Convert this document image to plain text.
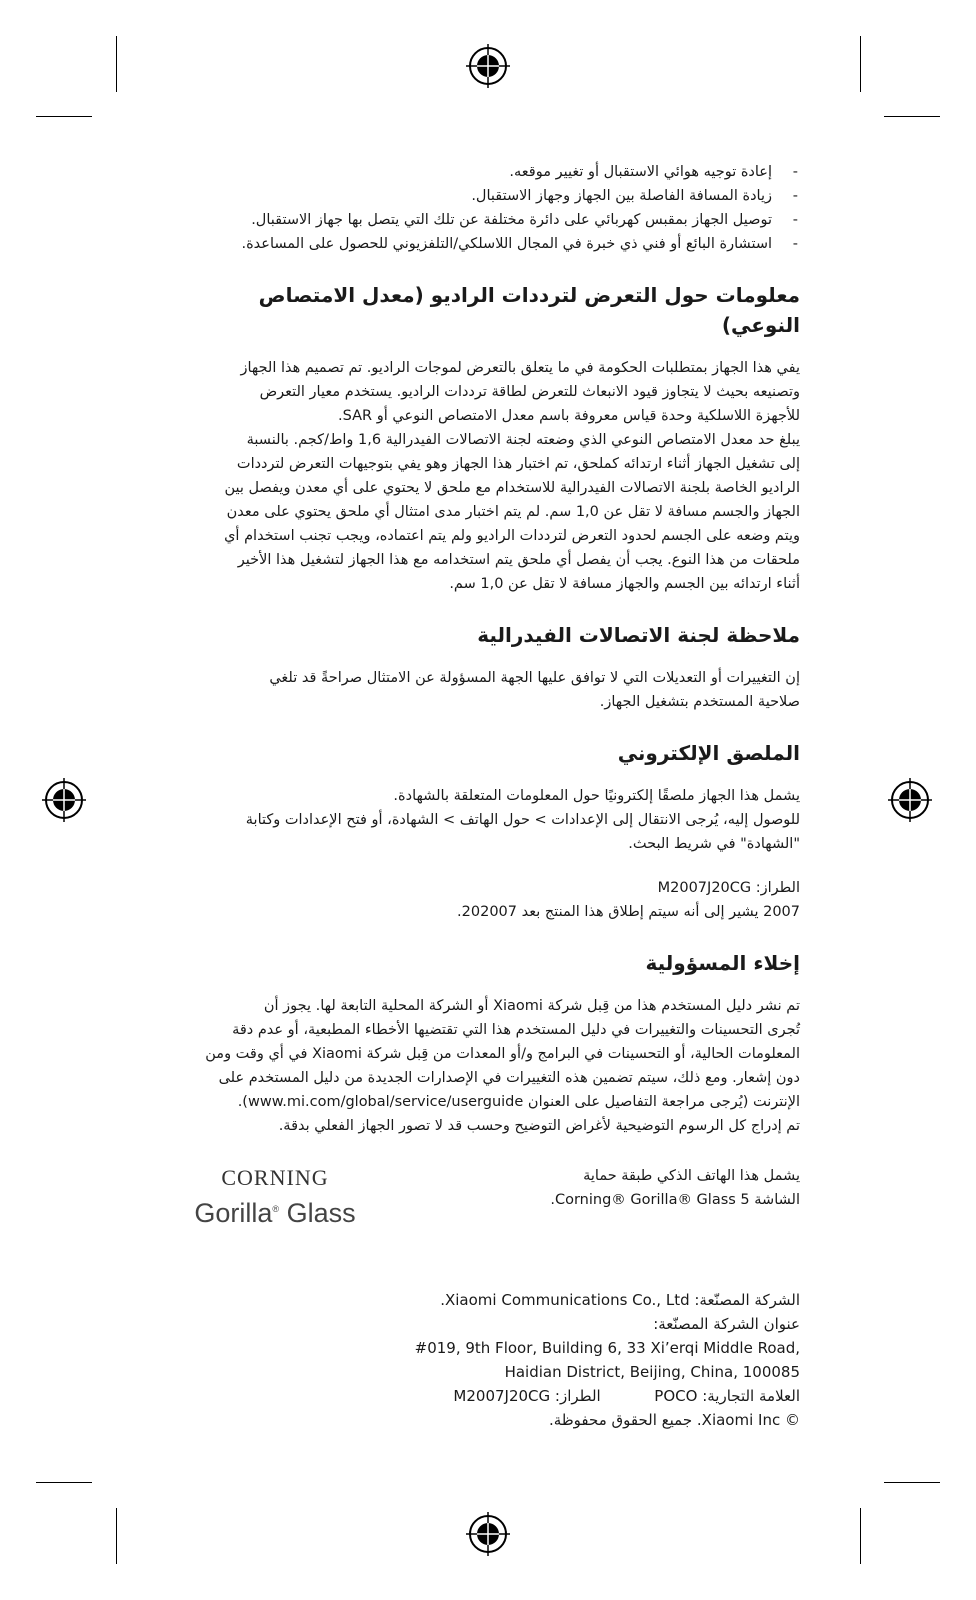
- إعادة توجيه هوائي الاستقبال أو تغيير موقعه.
- زيادة المسافة الفاصلة بين الجهاز وجهاز الاستقبال.
- توصيل الجهاز بمقبس كهربائي على دائرة مختلفة عن تلك التي يتصل بها جهاز الاستقبال.
- استشارة البائع أو فني ذي خبرة في المجال اللاسلكي/التلفزيوني للحصول على المساعدة.
معلومات حول التعرض لترددات الراديو (معدل الامتصاص النوعي)

يفي هذا الجهاز بمتطلبات الحكومة في ما يتعلق بالتعرض لموجات الراديو. تم تصميم هذا الجهاز

وتصنيعه بحيث لا يتجاوز قيود الانبعاث للتعرض لطاقة ترددات الراديو. يستخدم معيار التعرض

للأجهزة اللاسلكية وحدة قياس معروفة باسم معدل الامتصاص النوعي أو SAR.

يبلغ حد معدل الامتصاص النوعي الذي وضعته لجنة الاتصالات الفيدرالية 1,6 واط/كجم. بالنسبة

إلى تشغيل الجهاز أثناء ارتدائه كملحق، تم اختبار هذا الجهاز وهو يفي بتوجيهات التعرض لترددات

الراديو الخاصة بلجنة الاتصالات الفيدرالية للاستخدام مع ملحق لا يحتوي على أي معدن ويفصل بين

الجهاز والجسم مسافة لا تقل عن 1,0 سم. لم يتم اختبار مدى امتثال أي ملحق يحتوي على معدن

ويتم وضعه على الجسم لحدود التعرض لترددات الراديو ولم يتم اعتماده، ويجب تجنب استخدام أي

ملحقات من هذا النوع. يجب أن يفصل أي ملحق يتم استخدامه مع هذا الجهاز لتشغيل هذا الأخير

أثناء ارتدائه بين الجسم والجهاز مسافة لا تقل عن 1,0 سم.

ملاحظة لجنة الاتصالات الفيدرالية

إن التغييرات أو التعديلات التي لا توافق عليها الجهة المسؤولة عن الامتثال صراحةً قد تلغي

صلاحية المستخدم بتشغيل الجهاز.

الملصق الإلكتروني

يشمل هذا الجهاز ملصقًا إلكترونيًا حول المعلومات المتعلقة بالشهادة.

للوصول إليه، يُرجى الانتقال إلى الإعدادات > حول الهاتف > الشهادة، أو فتح الإعدادات وكتابة

"الشهادة" في شريط البحث.

الطراز: M2007J20CG

2007 يشير إلى أنه سيتم إطلاق هذا المنتج بعد 202007.

إخلاء المسؤولية

تم نشر دليل المستخدم هذا من قِبل شركة Xiaomi أو الشركة المحلية التابعة لها. يجوز أن

تُجرى التحسينات والتغييرات في دليل المستخدم هذا التي تقتضيها الأخطاء المطبعية، أو عدم دقة

المعلومات الحالية، أو التحسينات في البرامج و/أو المعدات من قِبل شركة Xiaomi في أي وقت ومن

دون إشعار. ومع ذلك، سيتم تضمين هذه التغييرات في الإصدارات الجديدة من دليل المستخدم على

الإنترنت (يُرجى مراجعة التفاصيل على العنوان www.mi.com/global/service/userguide).

تم إدراج كل الرسوم التوضيحية لأغراض التوضيح وحسب قد لا تصور الجهاز الفعلي بدقة.

يشمل هذا الهاتف الذكي طبقة حماية

الشاشة Corning® Gorilla® Glass 5.

CORNING
Gorilla® Glass

الشركة المصنّعة: Xiaomi Communications Co., Ltd.

عنوان الشركة المصنّعة:

#019, 9th Floor, Building 6, 33 Xi’erqi Middle Road,

Haidian District, Beijing, China, 100085

العلامة التجارية: POCO  الطراز: M2007J20CG

© Xiaomi Inc. جميع الحقوق محفوظة.
